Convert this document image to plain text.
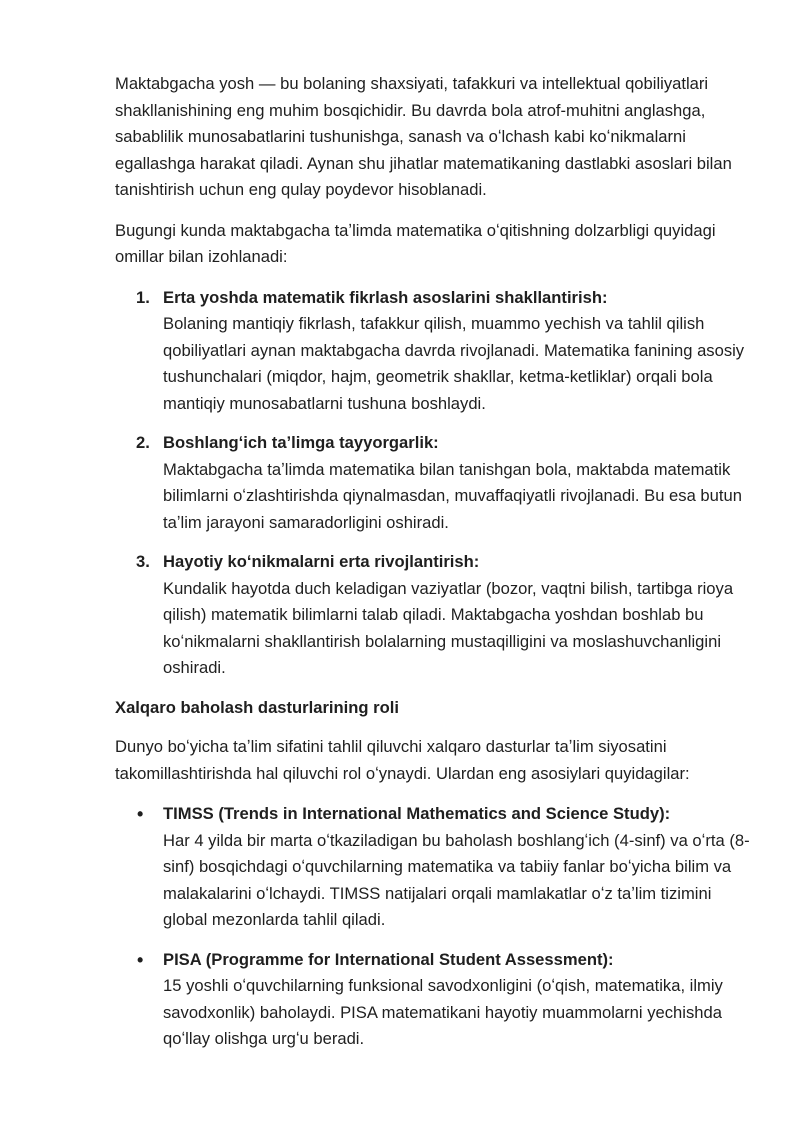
Maktabgacha yosh — bu bolaning shaxsiyati, tafakkuri va intellektual qobiliyatlari shakllanishining eng muhim bosqichidir. Bu davrda bola atrof-muhitni anglashga, sabablilik munosabatlarini tushunishga, sanash va oʻlchash kabi koʻnikmalarni egallashga harakat qiladi. Aynan shu jihatlar matematikaning dastlabki asoslari bilan tanishtirish uchun eng qulay poydevor hisoblanadi.

Bugungi kunda maktabgacha taʼlimda matematika oʻqitishning dolzarbligi quyidagi omillar bilan izohlanadi:

1. Erta yoshda matematik fikrlash asoslarini shakllantirish:
Bolaning mantiqiy fikrlash, tafakkur qilish, muammo yechish va tahlil qilish qobiliyatlari aynan maktabgacha davrda rivojlanadi. Matematika fanining asosiy tushunchalari (miqdor, hajm, geometrik shakllar, ketma-ketliklar) orqali bola mantiqiy munosabatlarni tushuna boshlaydi.
2. Boshlangʻich taʼlimga tayyorgarlik:
Maktabgacha taʼlimda matematika bilan tanishgan bola, maktabda matematik bilimlarni oʻzlashtirishda qiynalmasdan, muvaffaqiyatli rivojlanadi. Bu esa butun taʼlim jarayoni samaradorligini oshiradi.
3. Hayotiy koʻnikmalarni erta rivojlantirish:
Kundalik hayotda duch keladigan vaziyatlar (bozor, vaqtni bilish, tartibga rioya qilish) matematik bilimlarni talab qiladi. Maktabgacha yoshdan boshlab bu koʻnikmalarni shakllantirish bolalarning mustaqilligini va moslashuvchanligini oshiradi.

Xalqaro baholash dasturlarining roli

Dunyo boʻyicha taʼlim sifatini tahlil qiluvchi xalqaro dasturlar taʼlim siyosatini takomillashtirishda hal qiluvchi rol oʻynaydi. Ulardan eng asosiylari quyidagilar:

• TIMSS (Trends in International Mathematics and Science Study):
Har 4 yilda bir marta oʻtkaziladigan bu baholash boshlangʻich (4-sinf) va oʻrta (8-sinf) bosqichdagi oʻquvchilarning matematika va tabiiy fanlar boʻyicha bilim va malakalarini oʻlchaydi. TIMSS natijalari orqali mamlakatlar oʻz taʼlim tizimini global mezonlarda tahlil qiladi.
• PISA (Programme for International Student Assessment):
15 yoshli oʻquvchilarning funksional savodxonligini (oʻqish, matematika, ilmiy savodxonlik) baholaydi. PISA matematikani hayotiy muammolarni yechishda qoʻllay olishga urgʻu beradi.
